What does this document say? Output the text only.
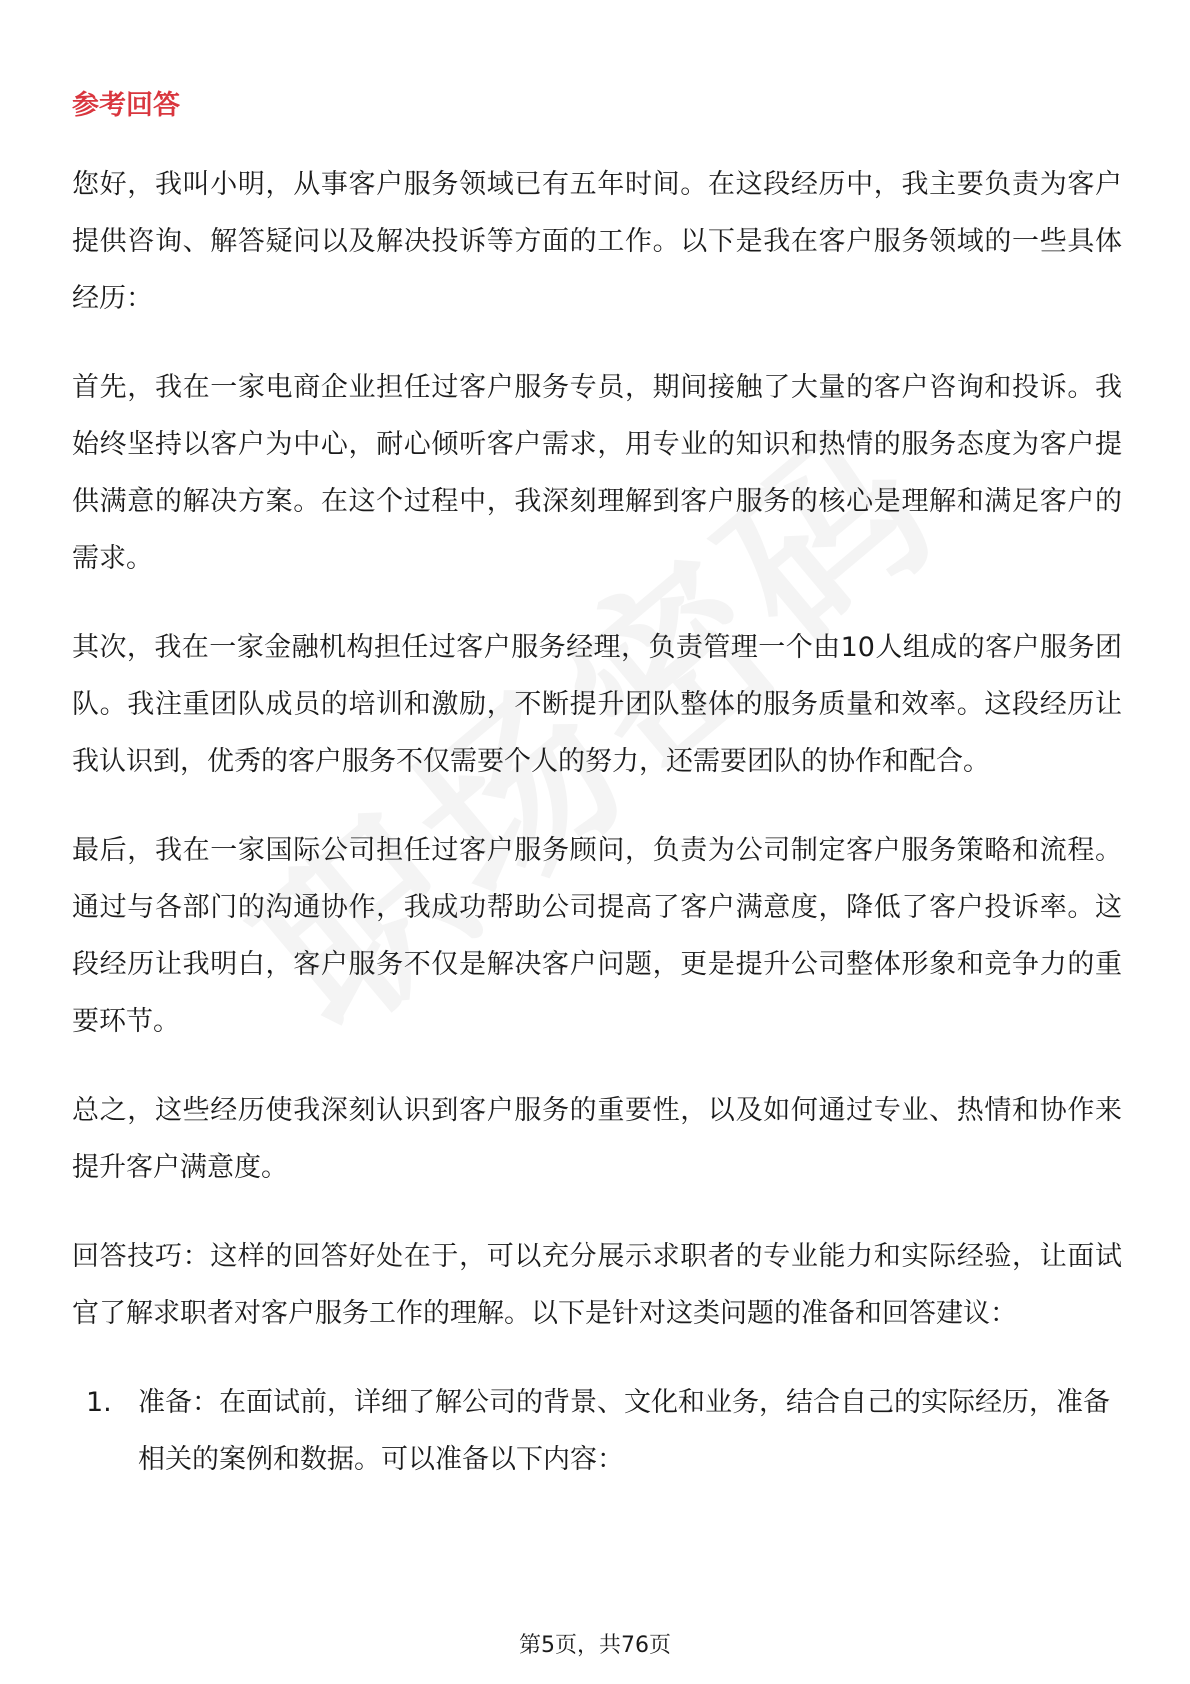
参考回答

您好，我叫小明，从事客户服务领域已有五年时间。在这段经历中，我主要负责为客户提供咨询、解答疑问以及解决投诉等方面的工作。以下是我在客户服务领域的一些具体经历：

首先，我在一家电商企业担任过客户服务专员，期间接触了大量的客户咨询和投诉。我始终坚持以客户为中心，耐心倾听客户需求，用专业的知识和热情的服务态度为客户提供满意的解决方案。在这个过程中，我深刻理解到客户服务的核心是理解和满足客户的需求。

其次，我在一家金融机构担任过客户服务经理，负责管理一个由10人组成的客户服务团队。我注重团队成员的培训和激励，不断提升团队整体的服务质量和效率。这段经历让我认识到，优秀的客户服务不仅需要个人的努力，还需要团队的协作和配合。

最后，我在一家国际公司担任过客户服务顾问，负责为公司制定客户服务策略和流程。通过与各部门的沟通协作，我成功帮助公司提高了客户满意度，降低了客户投诉率。这段经历让我明白，客户服务不仅是解决客户问题，更是提升公司整体形象和竞争力的重要环节。

总之，这些经历使我深刻认识到客户服务的重要性，以及如何通过专业、热情和协作来提升客户满意度。

回答技巧：这样的回答好处在于，可以充分展示求职者的专业能力和实际经验，让面试官了解求职者对客户服务工作的理解。以下是针对这类问题的准备和回答建议：

1. 准备：在面试前，详细了解公司的背景、文化和业务，结合自己的实际经历，准备相关的案例和数据。可以准备以下内容：
第5页，共76页
